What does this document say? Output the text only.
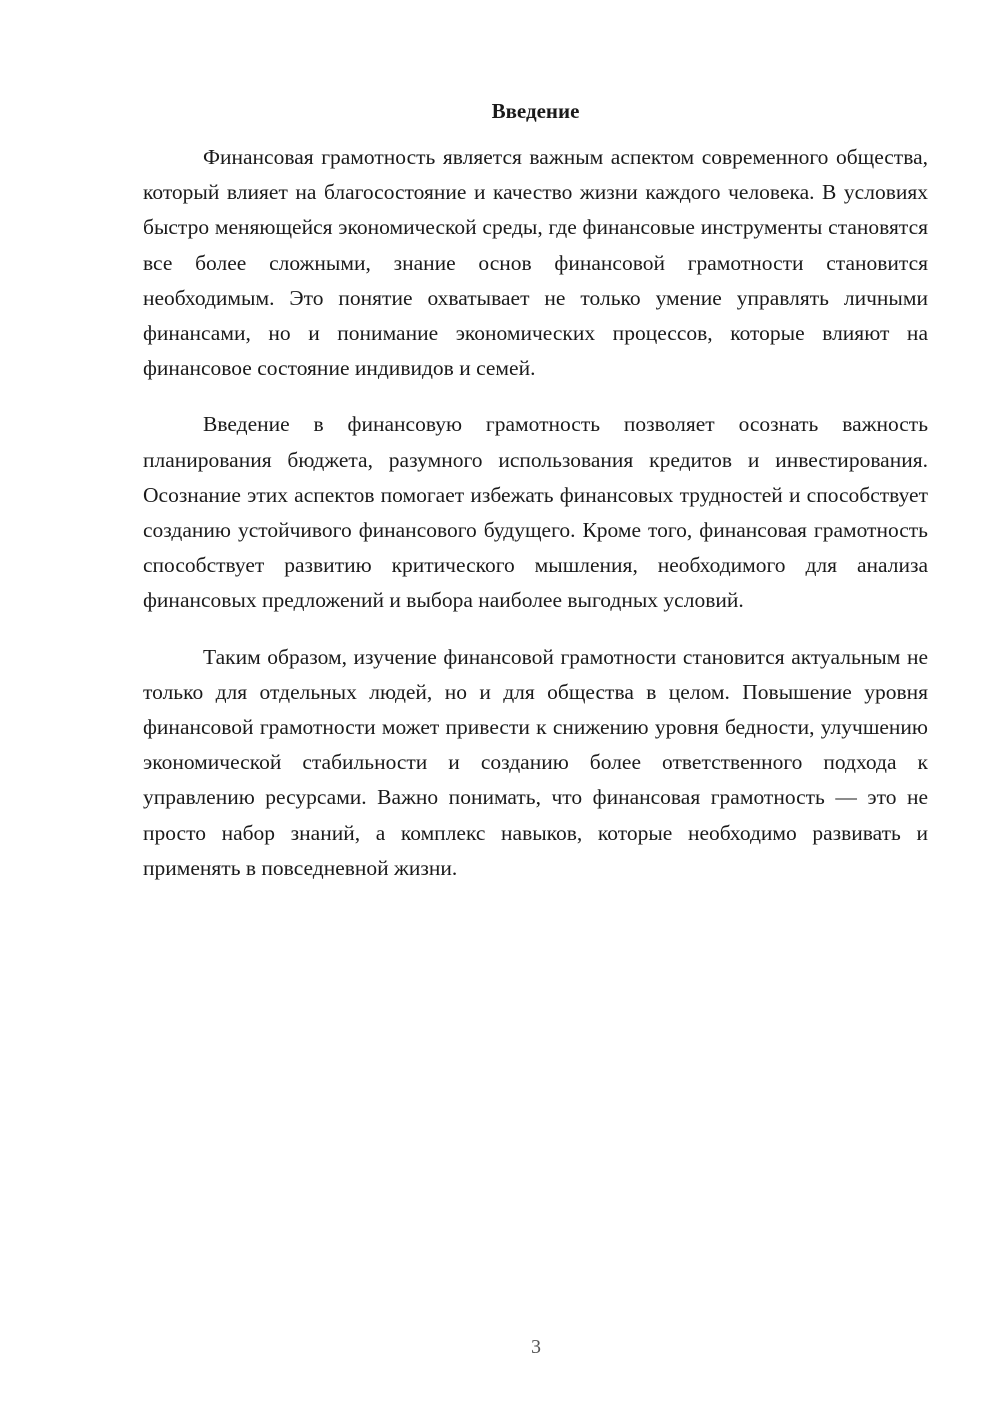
Введение

Финансовая грамотность является важным аспектом современного общества, который влияет на благосостояние и качество жизни каждого человека. В условиях быстро меняющейся экономической среды, где финансовые инструменты становятся все более сложными, знание основ финансовой грамотности становится необходимым. Это понятие охватывает не только умение управлять личными финансами, но и понимание экономических процессов, которые влияют на финансовое состояние индивидов и семей.

Введение в финансовую грамотность позволяет осознать важность планирования бюджета, разумного использования кредитов и инвестирования. Осознание этих аспектов помогает избежать финансовых трудностей и способствует созданию устойчивого финансового будущего. Кроме того, финансовая грамотность способствует развитию критического мышления, необходимого для анализа финансовых предложений и выбора наиболее выгодных условий.

Таким образом, изучение финансовой грамотности становится актуальным не только для отдельных людей, но и для общества в целом. Повышение уровня финансовой грамотности может привести к снижению уровня бедности, улучшению экономической стабильности и созданию более ответственного подхода к управлению ресурсами. Важно понимать, что финансовая грамотность — это не просто набор знаний, а комплекс навыков, которые необходимо развивать и применять в повседневной жизни.

3
